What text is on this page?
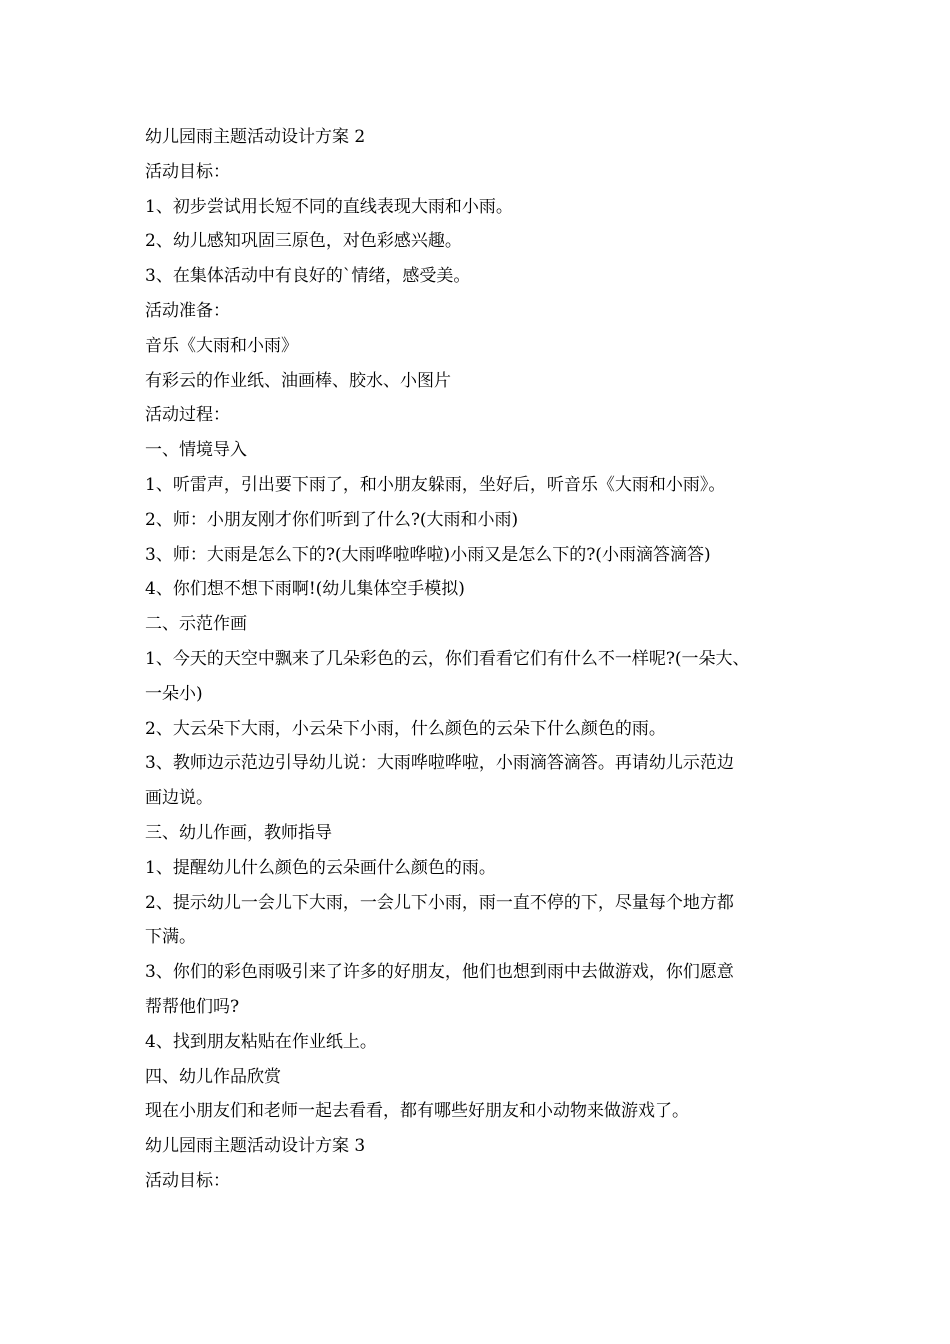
幼儿园雨主题活动设计方案 2

活动目标：

1、初步尝试用长短不同的直线表现大雨和小雨。

2、幼儿感知巩固三原色，对色彩感兴趣。

3、在集体活动中有良好的`情绪，感受美。

活动准备：

音乐《大雨和小雨》

有彩云的作业纸、油画棒、胶水、小图片

活动过程：

一、情境导入

1、听雷声，引出要下雨了，和小朋友躲雨，坐好后，听音乐《大雨和小雨》。

2、师：小朋友刚才你们听到了什么?(大雨和小雨)

3、师：大雨是怎么下的?(大雨哗啦哗啦)小雨又是怎么下的?(小雨滴答滴答)

4、你们想不想下雨啊!(幼儿集体空手模拟)

二、示范作画

1、今天的天空中飘来了几朵彩色的云，你们看看它们有什么不一样呢?(一朵大、

一朵小)

2、大云朵下大雨，小云朵下小雨，什么颜色的云朵下什么颜色的雨。

3、教师边示范边引导幼儿说：大雨哗啦哗啦，小雨滴答滴答。再请幼儿示范边

画边说。

三、幼儿作画，教师指导

1、提醒幼儿什么颜色的云朵画什么颜色的雨。

2、提示幼儿一会儿下大雨，一会儿下小雨，雨一直不停的下，尽量每个地方都

下满。

3、你们的彩色雨吸引来了许多的好朋友，他们也想到雨中去做游戏，你们愿意

帮帮他们吗?

4、找到朋友粘贴在作业纸上。

四、幼儿作品欣赏

现在小朋友们和老师一起去看看，都有哪些好朋友和小动物来做游戏了。

幼儿园雨主题活动设计方案 3

活动目标：
